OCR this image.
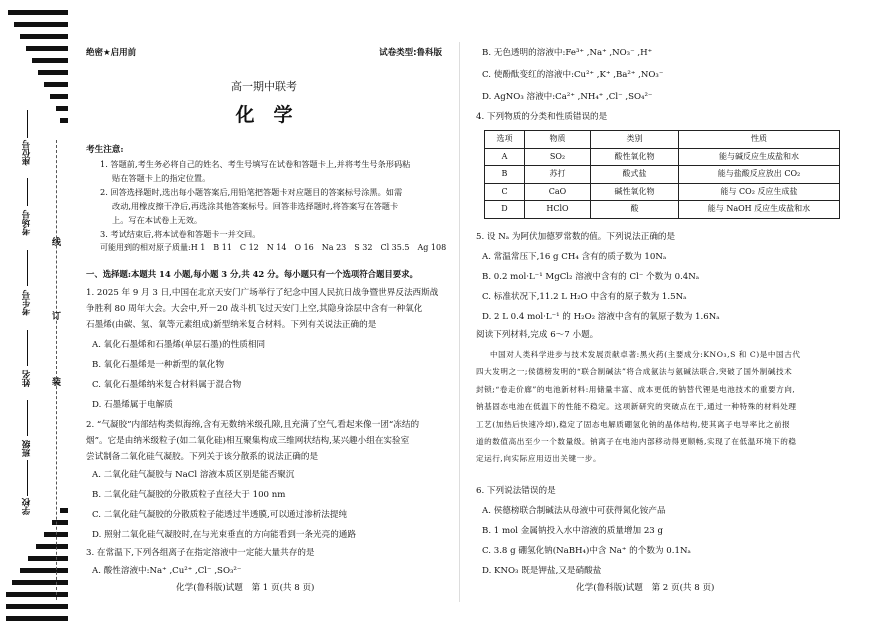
座位号
考场号
考生号
姓名
班级
学校
线
订
装
绝密★启用前	试卷类型:鲁科版
高一期中联考
化　学
考生注意:
1. 答题前,考生务必将自己的姓名、考生号填写在试卷和答题卡上,并将考生号条形码粘
贴在答题卡上的指定位置。
2. 回答选择题时,选出每小题答案后,用铅笔把答题卡对应题目的答案标号涂黑。如需
改动,用橡皮擦干净后,再选涂其他答案标号。回答非选择题时,将答案写在答题卡
上。写在本试卷上无效。
3. 考试结束后,将本试卷和答题卡一并交回。
可能用到的相对原子质量:H 1　B 11　C 12　N 14　O 16　Na 23　S 32　Cl 35.5　Ag 108
一、选择题:本题共 14 小题,每小题 3 分,共 42 分。每小题只有一个选项符合题目要求。
1. 2025 年 9 月 3 日,中国在北京天安门广场举行了纪念中国人民抗日战争暨世界反法西斯战
争胜利 80 周年大会。大会中,歼－20 战斗机飞过天安门上空,其隐身涂层中含有一种氧化
石墨烯(由碳、氢、氧等元素组成)新型纳米复合材料。下列有关说法正确的是
A. 氧化石墨烯和石墨烯(单层石墨)的性质相同
B. 氧化石墨烯是一种新型的氧化物
C. 氧化石墨烯纳米复合材料属于混合物
D. 石墨烯属于电解质
2. “气凝胶”内部结构类似海绵,含有无数纳米级孔隙,且充满了空气,看起来像一团“冻结的
烟”。它是由纳米级粒子(如二氧化硅)相互聚集构成三维网状结构,某兴趣小组在实验室
尝试制备二氧化硅气凝胶。下列关于该分散系的说法正确的是
A. 二氧化硅气凝胶与 NaCl 溶液本质区别是能否聚沉
B. 二氧化硅气凝胶的分散质粒子直径大于 100 nm
C. 二氧化硅气凝胶的分散质粒子能透过半透膜,可以通过渗析法提纯
D. 照射二氧化硅气凝胶时,在与光束垂直的方向能看到一条光亮的通路
3. 在常温下,下列各组离子在指定溶液中一定能大量共存的是
A. 酸性溶液中:Na⁺ ,Cu²⁺ ,Cl⁻ ,SO₃²⁻
化学(鲁科版)试题　第 1 页(共 8 页)
B. 无色透明的溶液中:Fe³⁺ ,Na⁺ ,NO₃⁻ ,H⁺
C. 使酚酞变红的溶液中:Cu²⁺ ,K⁺ ,Ba²⁺ ,NO₃⁻
D. AgNO₃ 溶液中:Ca²⁺ ,NH₄⁺ ,Cl⁻ ,SO₄²⁻
4. 下列物质的分类和性质错误的是
选项	物质	类别	性质
A	SO₂	酸性氧化物	能与碱反应生成盐和水
B	苏打	酸式盐	能与盐酸反应放出 CO₂
C	CaO	碱性氧化物	能与 CO₂ 反应生成盐
D	HClO	酸	能与 NaOH 反应生成盐和水
5. 设 Nₐ 为阿伏加德罗常数的值。下列说法正确的是
A. 常温常压下,16 g CH₄ 含有的质子数为 10Nₐ
B. 0.2 mol·L⁻¹ MgCl₂ 溶液中含有的 Cl⁻ 个数为 0.4Nₐ
C. 标准状况下,11.2 L H₂O 中含有的原子数为 1.5Nₐ
D. 2 L 0.4 mol·L⁻¹ 的 H₂O₂ 溶液中含有的氧原子数为 1.6Nₐ
阅读下列材料,完成 6～7 小题。
中国对人类科学进步与技术发展贡献卓著:黑火药(主要成分:KNO₃,S 和 C)是中国古代
四大发明之一;侯德榜发明的“联合制碱法”将合成氨法与氨碱法联合,突破了国外制碱技术
封锁;“卷走价廊”的电池新材料:用储量丰富、成本更低的钠替代锂是电池技术的重要方向,
钠基固态电池在低温下的性能不稳定。这项新研究的突破点在于,通过一种特殊的材料处理
工艺(加热后快速冷却),稳定了固态电解质硼氢化钠的晶体结构,使其离子电导率比之前报
道的数值高出至少一个数量级。钠离子在电池内部移动得更顺畅,实现了在低温环境下的稳
定运行,向实际应用迈出关键一步。
6. 下列说法错误的是
A. 侯德榜联合制碱法从母液中可获得氮化铵产品
B. 1 mol 金属钠投入水中溶液的质量增加 23 g
C. 3.8 g 硼氢化钠(NaBH₄)中含 Na⁺ 的个数为 0.1Nₐ
D. KNO₃ 既是钾盐,又是硝酸盐
化学(鲁科版)试题　第 2 页(共 8 页)
